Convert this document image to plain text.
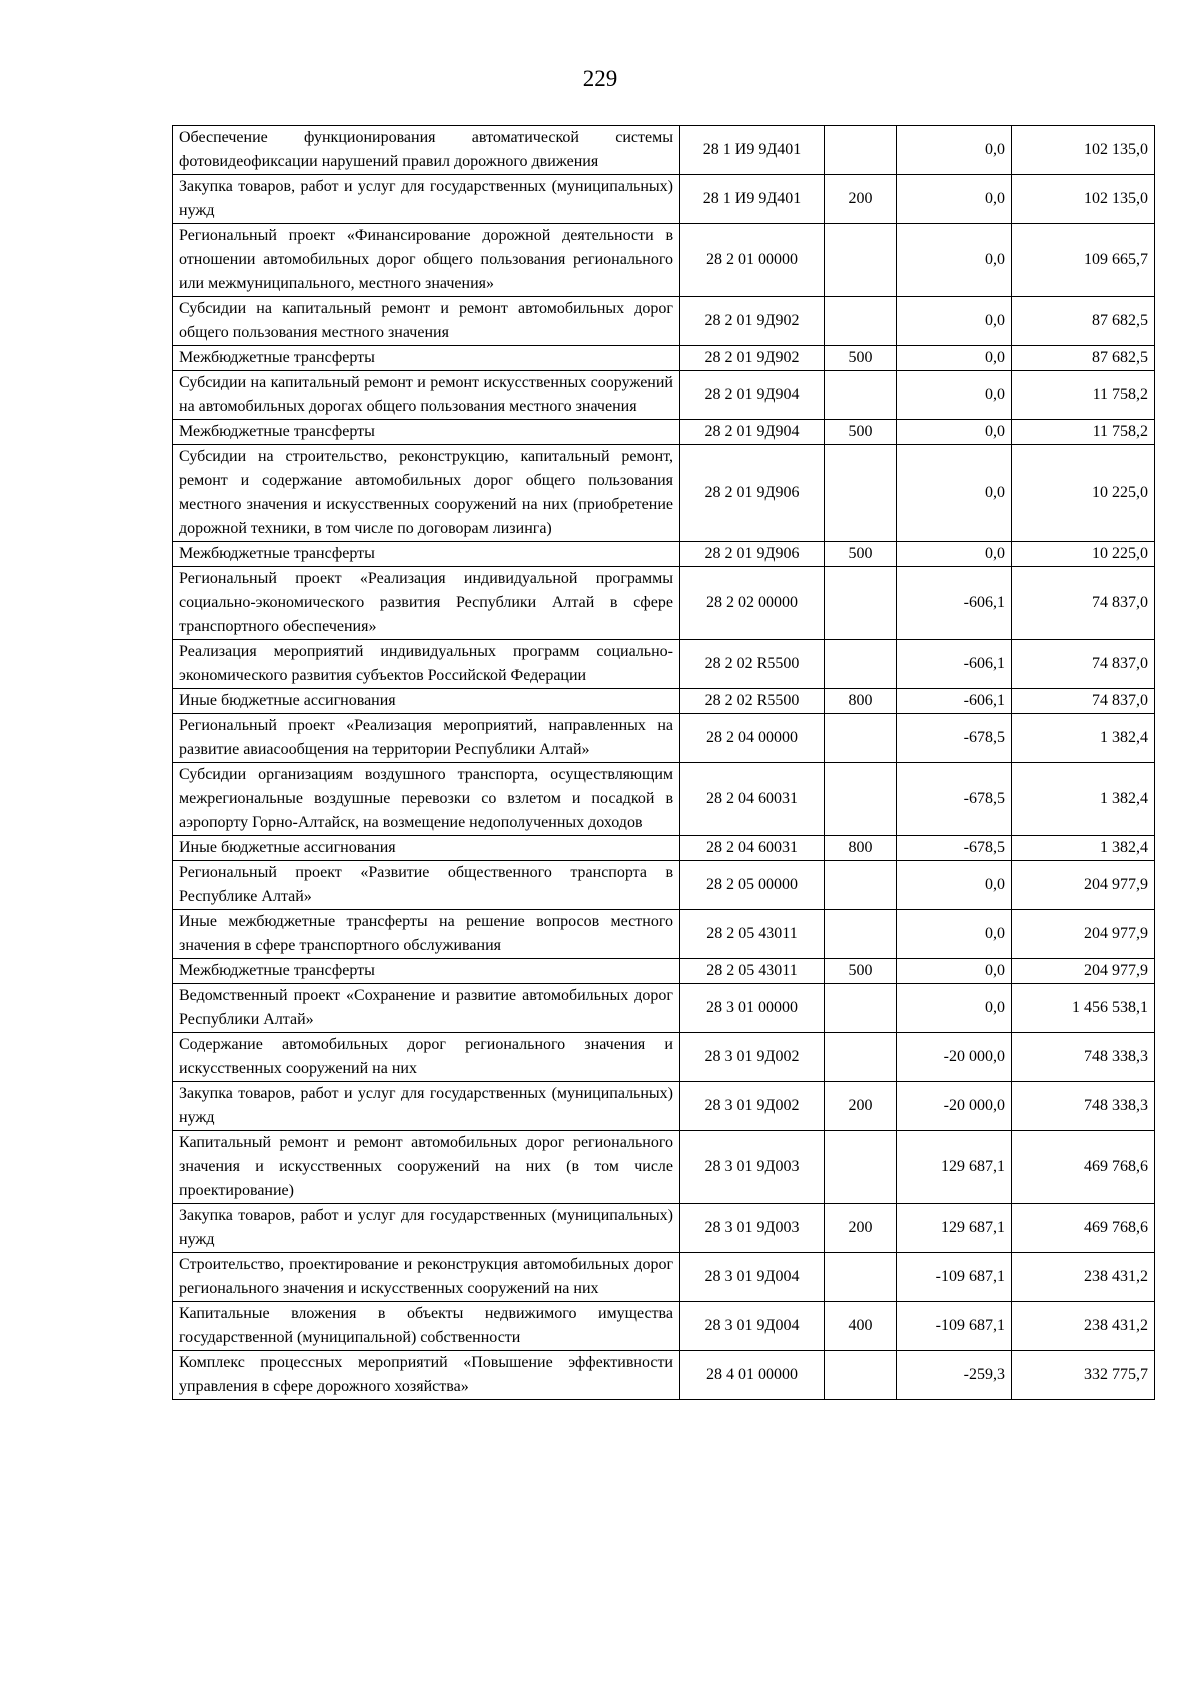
229
Обеспечение функционирования автоматической системы фотовидеофиксации нарушений правил дорожного движения	28 1 И9 9Д401		0,0	102 135,0
Закупка товаров, работ и услуг для государственных (муниципальных) нужд	28 1 И9 9Д401	200	0,0	102 135,0
Региональный проект «Финансирование дорожной деятельности в отношении автомобильных дорог общего пользования регионального или межмуниципального, местного значения»	28 2 01 00000		0,0	109 665,7
Субсидии на капитальный ремонт и ремонт автомобильных дорог общего пользования местного значения	28 2 01 9Д902		0,0	87 682,5
Межбюджетные трансферты	28 2 01 9Д902	500	0,0	87 682,5
Субсидии на капитальный ремонт и ремонт искусственных сооружений на автомобильных дорогах общего пользования местного значения	28 2 01 9Д904		0,0	11 758,2
Межбюджетные трансферты	28 2 01 9Д904	500	0,0	11 758,2
Субсидии на строительство, реконструкцию, капитальный ремонт, ремонт и содержание автомобильных дорог общего пользования местного значения и искусственных сооружений на них (приобретение дорожной техники, в том числе по договорам лизинга)	28 2 01 9Д906		0,0	10 225,0
Межбюджетные трансферты	28 2 01 9Д906	500	0,0	10 225,0
Региональный проект «Реализация индивидуальной программы социально-экономического развития Республики Алтай в сфере транспортного обеспечения»	28 2 02 00000		-606,1	74 837,0
Реализация мероприятий индивидуальных программ социально-экономического развития субъектов Российской Федерации	28 2 02 R5500		-606,1	74 837,0
Иные бюджетные ассигнования	28 2 02 R5500	800	-606,1	74 837,0
Региональный проект «Реализация мероприятий, направленных на развитие авиасообщения на территории Республики Алтай»	28 2 04 00000		-678,5	1 382,4
Субсидии организациям воздушного транспорта, осуществляющим межрегиональные воздушные перевозки со взлетом и посадкой в аэропорту Горно-Алтайск, на возмещение недополученных доходов	28 2 04 60031		-678,5	1 382,4
Иные бюджетные ассигнования	28 2 04 60031	800	-678,5	1 382,4
Региональный проект «Развитие общественного транспорта в Республике Алтай»	28 2 05 00000		0,0	204 977,9
Иные межбюджетные трансферты на решение вопросов местного значения в сфере транспортного обслуживания	28 2 05 43011		0,0	204 977,9
Межбюджетные трансферты	28 2 05 43011	500	0,0	204 977,9
Ведомственный проект «Сохранение и развитие автомобильных дорог Республики Алтай»	28 3 01 00000		0,0	1 456 538,1
Содержание автомобильных дорог регионального значения и искусственных сооружений на них	28 3 01 9Д002		-20 000,0	748 338,3
Закупка товаров, работ и услуг для государственных (муниципальных) нужд	28 3 01 9Д002	200	-20 000,0	748 338,3
Капитальный ремонт и ремонт автомобильных дорог регионального значения и искусственных сооружений на них (в том числе проектирование)	28 3 01 9Д003		129 687,1	469 768,6
Закупка товаров, работ и услуг для государственных (муниципальных) нужд	28 3 01 9Д003	200	129 687,1	469 768,6
Строительство, проектирование и реконструкция автомобильных дорог регионального значения и искусственных сооружений на них	28 3 01 9Д004		-109 687,1	238 431,2
Капитальные вложения в объекты недвижимого имущества государственной (муниципальной) собственности	28 3 01 9Д004	400	-109 687,1	238 431,2
Комплекс процессных мероприятий «Повышение эффективности управления в сфере дорожного хозяйства»	28 4 01 00000		-259,3	332 775,7
